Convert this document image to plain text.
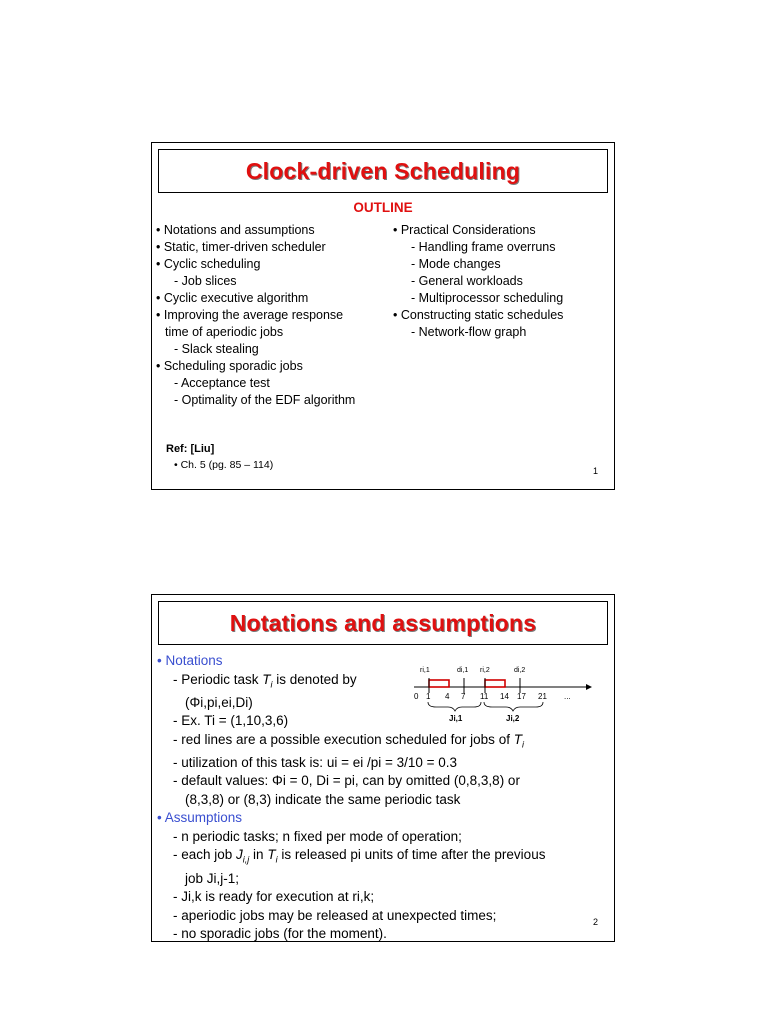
Clock-driven Scheduling
OUTLINE
• Notations and assumptions
• Static, timer-driven scheduler
• Cyclic scheduling
- Job slices
• Cyclic executive algorithm
• Improving the average response
time of aperiodic jobs
- Slack stealing
• Scheduling sporadic jobs
- Acceptance test
- Optimality of the EDF algorithm
• Practical Considerations
- Handling frame overruns
- Mode changes
- General workloads
- Multiprocessor scheduling
• Constructing static schedules
- Network-flow graph
Ref: [Liu]
• Ch. 5 (pg. 85 – 114)	1
Notations and assumptions
• Notations
- Periodic task $T_i$ is denoted by
(Φi,pi,ei,Di)
- Ex. Ti = (1,10,3,6)
- red lines are a possible execution scheduled for jobs of $T_i$
- utilization of this task is: ui = ei /pi = 3/10 = 0.3
- default values: Φi = 0, Di = pi, can by omitted (0,8,3,8) or
(8,3,8) or (8,3) indicate the same periodic task
• Assumptions
- n periodic tasks; n fixed per mode of operation;
- each job $J_{i,j}$ in $T_i$ is released pi units of time after the previous
job Ji,j-1;
- Ji,k is ready for execution at ri,k;
- aperiodic jobs may be released at unexpected times;
- no sporadic jobs (for the moment).
ri,1	di,1 ri,2	di,2
0 1 4 7 11 14 17 21 ...
Ji,1	Ji,2
2
